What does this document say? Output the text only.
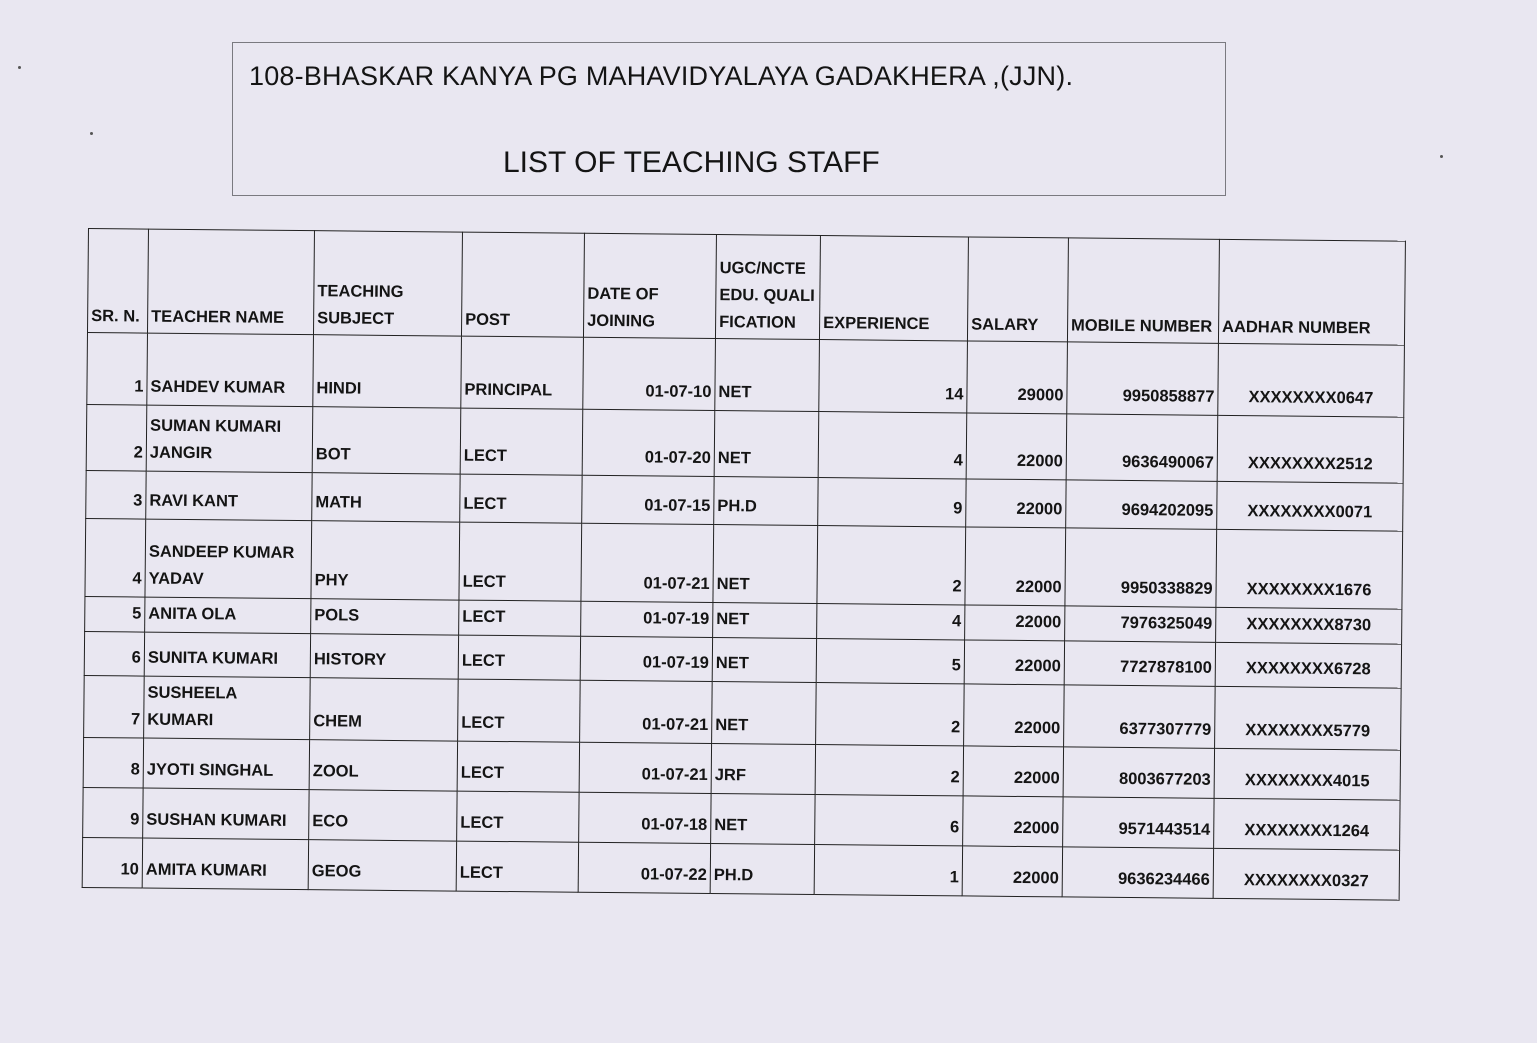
108-BHASKAR KANYA PG MAHAVIDYALAYA GADAKHERA ,(JJN).
LIST OF TEACHING STAFF
SR. N.	TEACHER NAME	TEACHING SUBJECT	POST	DATE OF JOINING	UGC/NCTE EDU. QUALIFICATION	EXPERIENCE	SALARY	MOBILE NUMBER	AADHAR NUMBER
1	SAHDEV KUMAR	HINDI	PRINCIPAL	01-07-10	NET	14	29000	9950858877	XXXXXXXX0647
2	SUMAN KUMARI JANGIR	BOT	LECT	01-07-20	NET	4	22000	9636490067	XXXXXXXX2512
3	RAVI KANT	MATH	LECT	01-07-15	PH.D	9	22000	9694202095	XXXXXXXX0071
4	SANDEEP KUMAR YADAV	PHY	LECT	01-07-21	NET	2	22000	9950338829	XXXXXXXX1676
5	ANITA OLA	POLS	LECT	01-07-19	NET	4	22000	7976325049	XXXXXXXX8730
6	SUNITA KUMARI	HISTORY	LECT	01-07-19	NET	5	22000	7727878100	XXXXXXXX6728
7	SUSHEELA KUMARI	CHEM	LECT	01-07-21	NET	2	22000	6377307779	XXXXXXXX5779
8	JYOTI SINGHAL	ZOOL	LECT	01-07-21	JRF	2	22000	8003677203	XXXXXXXX4015
9	SUSHAN KUMARI	ECO	LECT	01-07-18	NET	6	22000	9571443514	XXXXXXXX1264
10	AMITA KUMARI	GEOG	LECT	01-07-22	PH.D	1	22000	9636234466	XXXXXXXX0327
